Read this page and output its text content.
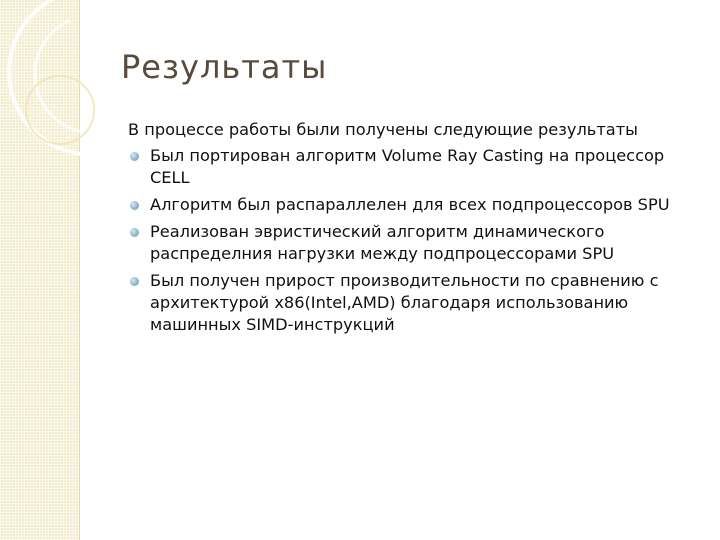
Результаты

В процессе работы были получены следующие результаты

Был портирован алгоритм Volume Ray Casting на процессор CELL
Алгоритм был распараллелен для всех подпроцессоров SPU
Реализован эвристический алгоритм динамического распределния нагрузки между подпроцессорами SPU
Был получен прирост производительности по сравнению с архитектурой x86(Intel,AMD) благодаря использованию машинных SIMD-инструкций
